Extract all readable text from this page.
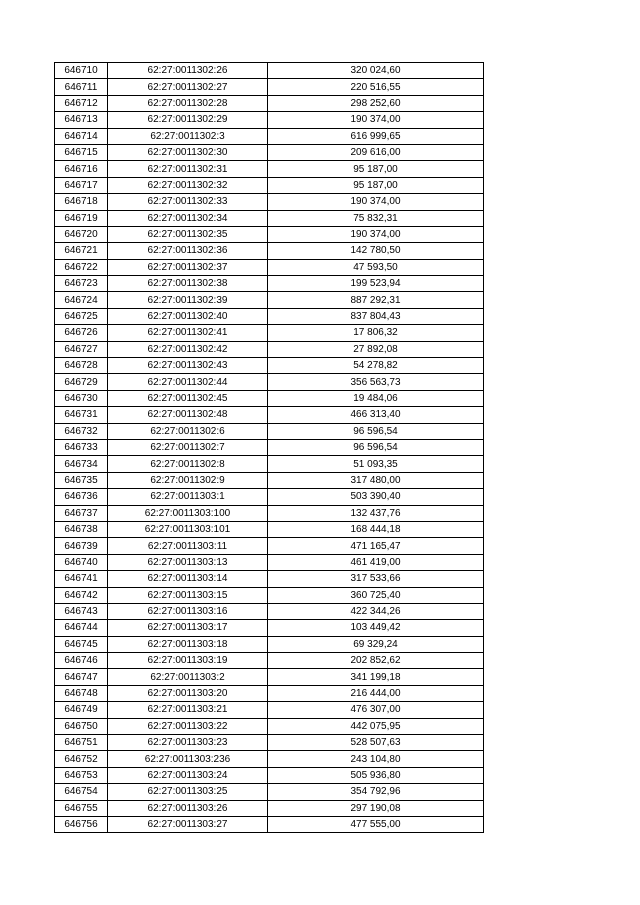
646710	62:27:0011302:26	320 024,60
646711	62:27:0011302:27	220 516,55
646712	62:27:0011302:28	298 252,60
646713	62:27:0011302:29	190 374,00
646714	62:27:0011302:3	616 999,65
646715	62:27:0011302:30	209 616,00
646716	62:27:0011302:31	95 187,00
646717	62:27:0011302:32	95 187,00
646718	62:27:0011302:33	190 374,00
646719	62:27:0011302:34	75 832,31
646720	62:27:0011302:35	190 374,00
646721	62:27:0011302:36	142 780,50
646722	62:27:0011302:37	47 593,50
646723	62:27:0011302:38	199 523,94
646724	62:27:0011302:39	887 292,31
646725	62:27:0011302:40	837 804,43
646726	62:27:0011302:41	17 806,32
646727	62:27:0011302:42	27 892,08
646728	62:27:0011302:43	54 278,82
646729	62:27:0011302:44	356 563,73
646730	62:27:0011302:45	19 484,06
646731	62:27:0011302:48	466 313,40
646732	62:27:0011302:6	96 596,54
646733	62:27:0011302:7	96 596,54
646734	62:27:0011302:8	51 093,35
646735	62:27:0011302:9	317 480,00
646736	62:27:0011303:1	503 390,40
646737	62:27:0011303:100	132 437,76
646738	62:27:0011303:101	168 444,18
646739	62:27:0011303:11	471 165,47
646740	62:27:0011303:13	461 419,00
646741	62:27:0011303:14	317 533,66
646742	62:27:0011303:15	360 725,40
646743	62:27:0011303:16	422 344,26
646744	62:27:0011303:17	103 449,42
646745	62:27:0011303:18	69 329,24
646746	62:27:0011303:19	202 852,62
646747	62:27:0011303:2	341 199,18
646748	62:27:0011303:20	216 444,00
646749	62:27:0011303:21	476 307,00
646750	62:27:0011303:22	442 075,95
646751	62:27:0011303:23	528 507,63
646752	62:27:0011303:236	243 104,80
646753	62:27:0011303:24	505 936,80
646754	62:27:0011303:25	354 792,96
646755	62:27:0011303:26	297 190,08
646756	62:27:0011303:27	477 555,00
